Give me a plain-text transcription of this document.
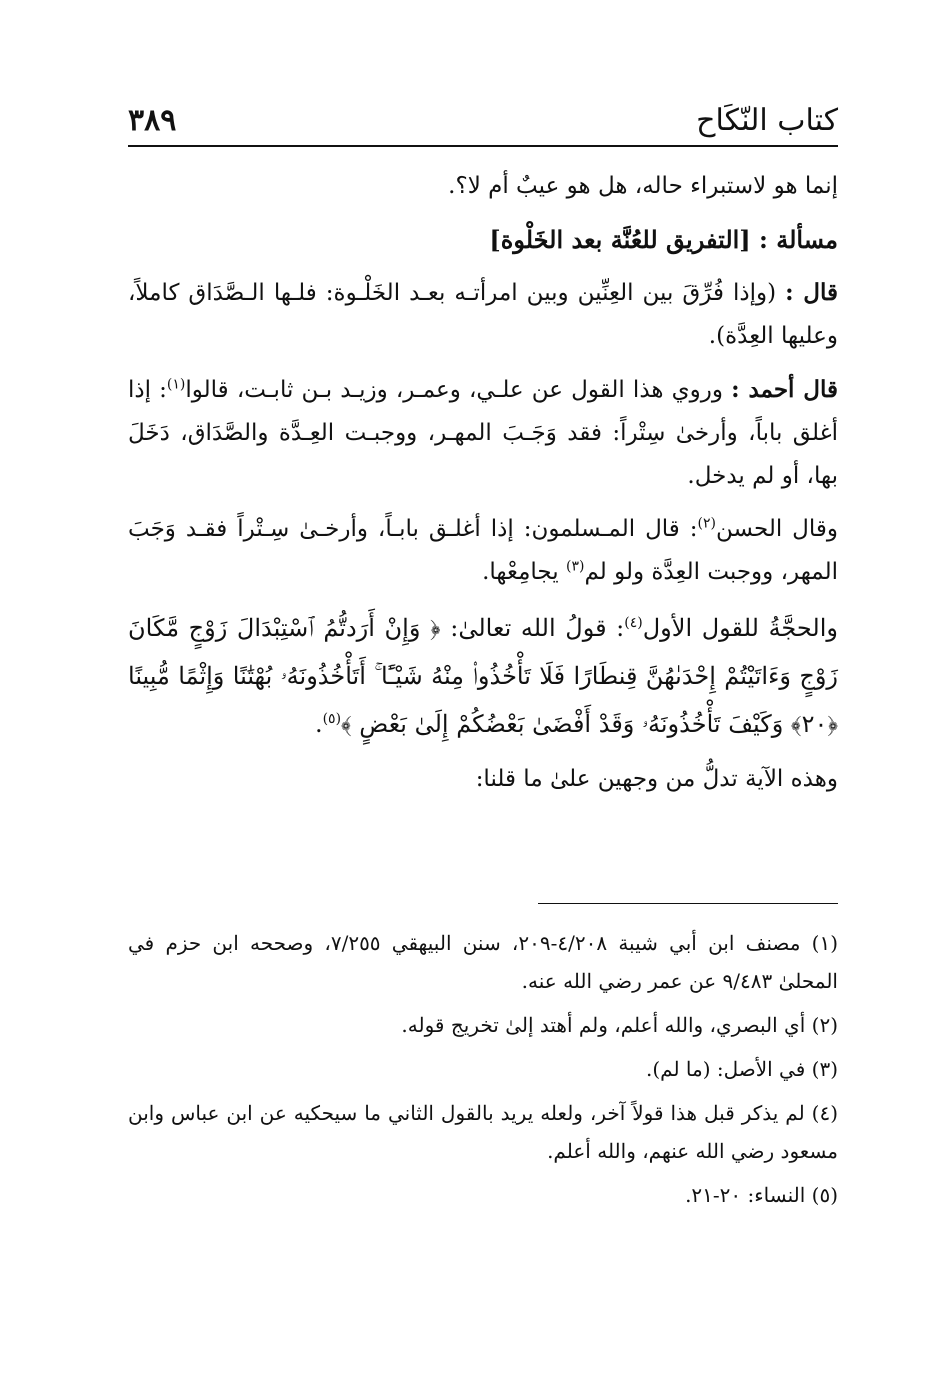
كتاب النّكَاح
٣٨٩

إنما هو لاستبراء حاله، هل هو عيبٌ أم لا؟.

مسألة : [التفريق للعُنَّة بعد الخَلْوة]

قال : (وإذا فُرِّقَ بين العِنِّين وبين امرأتـه بعـد الخَلْـوة: فلـها الـصَّدَاق كاملاً، وعليها العِدَّة).

قال أحمد : وروي هذا القول عن علـي، وعمـر، وزيـد بـن ثابـت، قالوا$^{(١)}$: إذا أغلق باباً، وأرخىٰ سِتْراً: فقد وَجَـبَ المهـر، ووجبـت العِـدَّة والصَّدَاق، دَخَلَ بها، أو لم يدخل.

وقال الحسن$^{(٢)}$: قال المـسلمون: إذا أغلـق بابـاً، وأرخـىٰ سِـتْراً فقـد وَجَبَ المهر، ووجبت العِدَّة ولو لم$^{(٣)}$ يجامِعْها.

والحجَّةُ للقول الأول$^{(٤)}$: قولُ الله تعالىٰ: ﴿ وَإِنْ أَرَدتُّمُ ٱسْتِبْدَالَ زَوْجٍ مَّكَانَ زَوْجٍ وَءَاتَيْتُمْ إِحْدَىٰهُنَّ قِنطَارًا فَلَا تَأْخُذُوا۟ مِنْهُ شَيْـًٔا ۚ أَتَأْخُذُونَهُۥ بُهْتَٰنًا وَإِثْمًا مُّبِينًا ﴿٢٠﴾ وَكَيْفَ تَأْخُذُونَهُۥ وَقَدْ أَفْضَىٰ بَعْضُكُمْ إِلَىٰ بَعْضٍ ﴾$^{(٥)}$.

وهذه الآية تدلُّ من وجهين علىٰ ما قلنا:

(١) مصنف ابن أبي شيبة ٤/٢٠٨-٢٠٩، سنن البيهقي ٧/٢٥٥، وصححه ابن حزم في المحلىٰ ٩/٤٨٣ عن عمر رضي الله عنه.

(٢) أي البصري، والله أعلم، ولم أهتد إلىٰ تخريج قوله.

(٣) في الأصل: (ما لم).

(٤) لم يذكر قبل هذا قولاً آخر، ولعله يريد بالقول الثاني ما سيحكيه عن ابن عباس وابن مسعود رضي الله عنهم، والله أعلم.

(٥) النساء: ٢٠-٢١.
